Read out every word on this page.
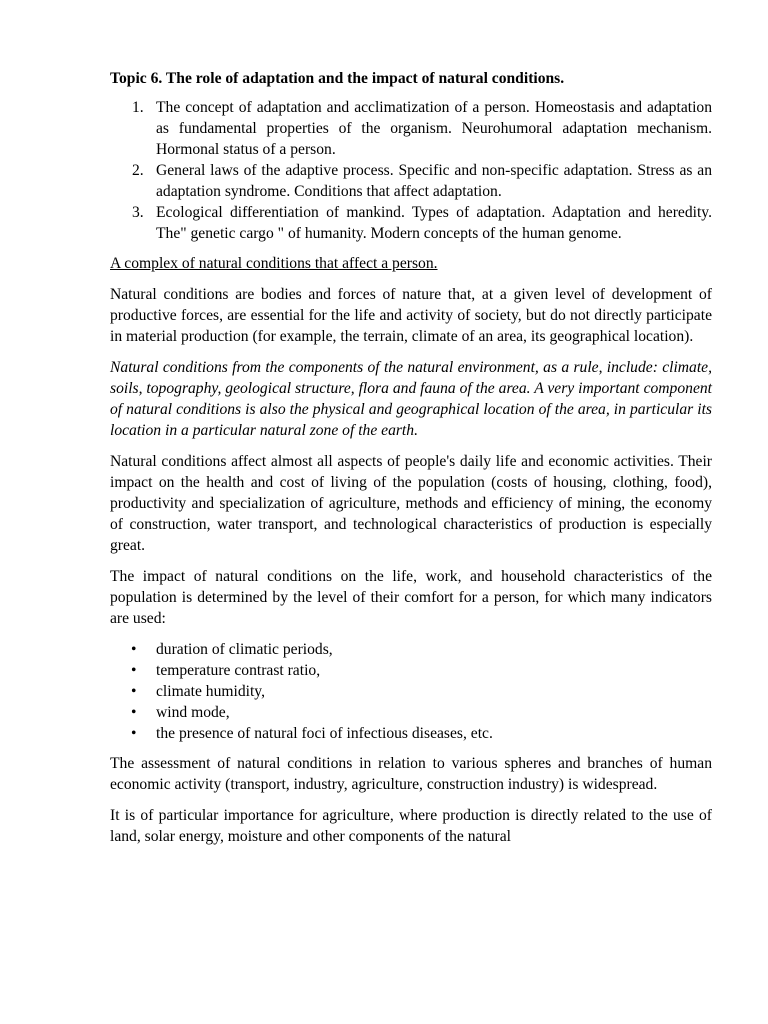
Topic 6. The role of adaptation and the impact of natural conditions.
1. The concept of adaptation and acclimatization of a person. Homeostasis and adaptation as fundamental properties of the organism. Neurohumoral adaptation mechanism. Hormonal status of a person.
2. General laws of the adaptive process. Specific and non-specific adaptation. Stress as an adaptation syndrome. Conditions that affect adaptation.
3. Ecological differentiation of mankind. Types of adaptation. Adaptation and heredity. The" genetic cargo " of humanity. Modern concepts of the human genome.
A complex of natural conditions that affect a person.

Natural conditions are bodies and forces of nature that, at a given level of development of productive forces, are essential for the life and activity of society, but do not directly participate in material production (for example, the terrain, climate of an area, its geographical location).

Natural conditions from the components of the natural environment, as a rule, include: climate, soils, topography, geological structure, flora and fauna of the area. A very important component of natural conditions is also the physical and geographical location of the area, in particular its location in a particular natural zone of the earth.

Natural conditions affect almost all aspects of people's daily life and economic activities. Their impact on the health and cost of living of the population (costs of housing, clothing, food), productivity and specialization of agriculture, methods and efficiency of mining, the economy of construction, water transport, and technological characteristics of production is especially great.

The impact of natural conditions on the life, work, and household characteristics of the population is determined by the level of their comfort for a person, for which many indicators are used:

• duration of climatic periods,
• temperature contrast ratio,
• climate humidity,
• wind mode,
• the presence of natural foci of infectious diseases, etc.

The assessment of natural conditions in relation to various spheres and branches of human economic activity (transport, industry, agriculture, construction industry) is widespread.

It is of particular importance for agriculture, where production is directly related to the use of land, solar energy, moisture and other components of the natural
